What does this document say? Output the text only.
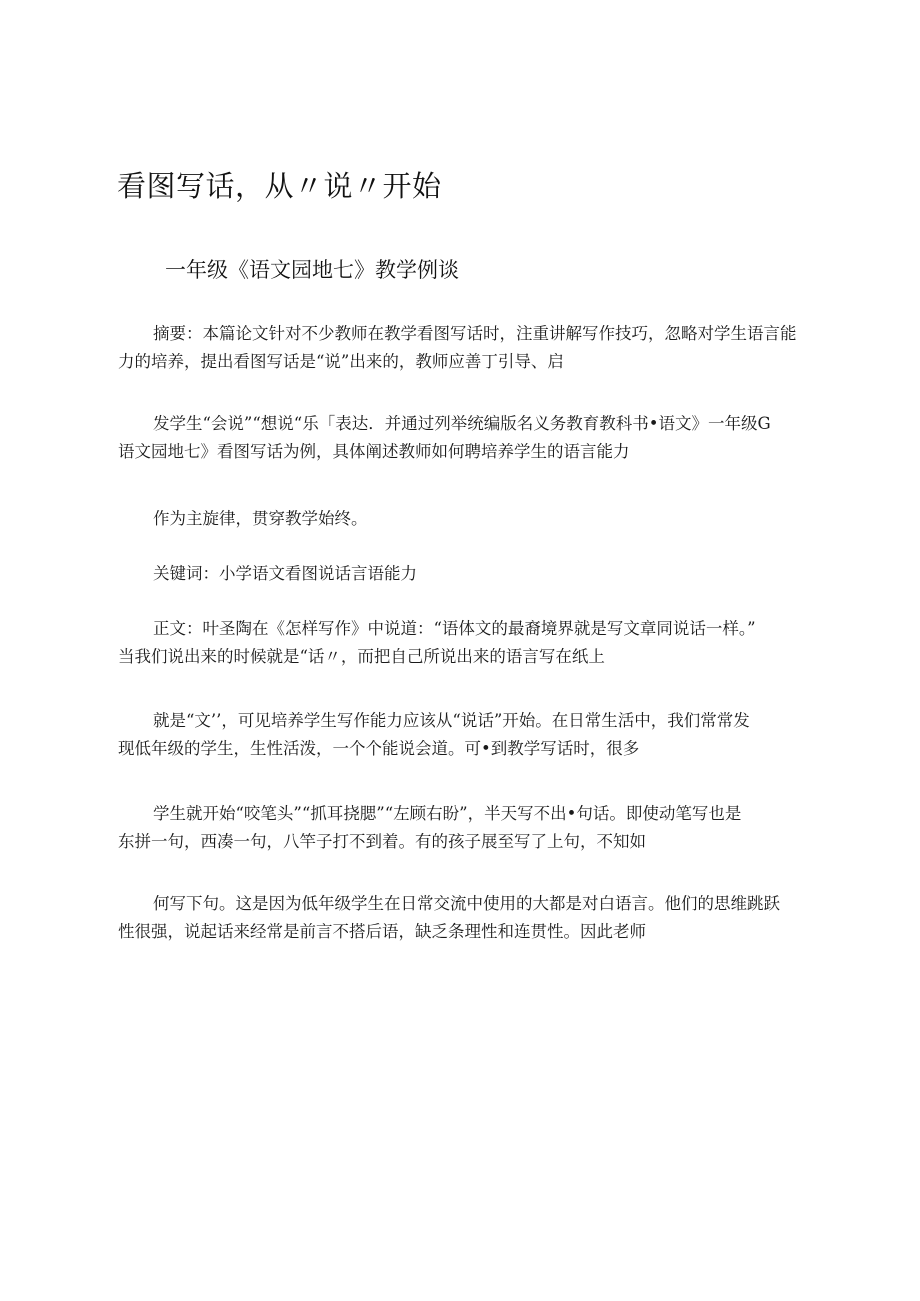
看图写话，从〃说〃开始
一年级《语文园地七》教学例谈
摘要：本篇论文针对不少教师在教学看图写话时，注重讲解写作技巧，忽略对学生语言能
力的培养，提出看图写话是“说”出来的，教师应善丁引导、启
发学生“会说”“想说“乐「表达．并通过列举统编版名义务教育教科书•语文》一年级G
语文园地七》看图写话为例，具体阐述教师如何聘培养学生的语言能力
作为主旋律，贯穿教学始终。
关键词：小学语文看图说话言语能力
正文：叶圣陶在《怎样写作》中说道：“语体文的最裔境界就是写文章同说话一样。”
当我们说出来的时候就是“话〃，而把自己所说出来的语言写在纸上
就是“文’’，可见培养学生写作能力应该从“说话”开始。在日常生活中，我们常常发
现低年级的学生，生性活泼，一个个能说会道。可•到教学写话时，很多
学生就开始“咬笔头”“抓耳挠腮”“左顾右盼”，半天写不出•句话。即使动笔写也是
东拼一句，西凑一句，八竿子打不到着。有的孩子展至写了上句，不知如
何写下句。这是因为低年级学生在日常交流中使用的大都是对白语言。他们的思维跳跃
性很强，说起话来经常是前言不搭后语，缺乏条理性和连贯性。因此老师
